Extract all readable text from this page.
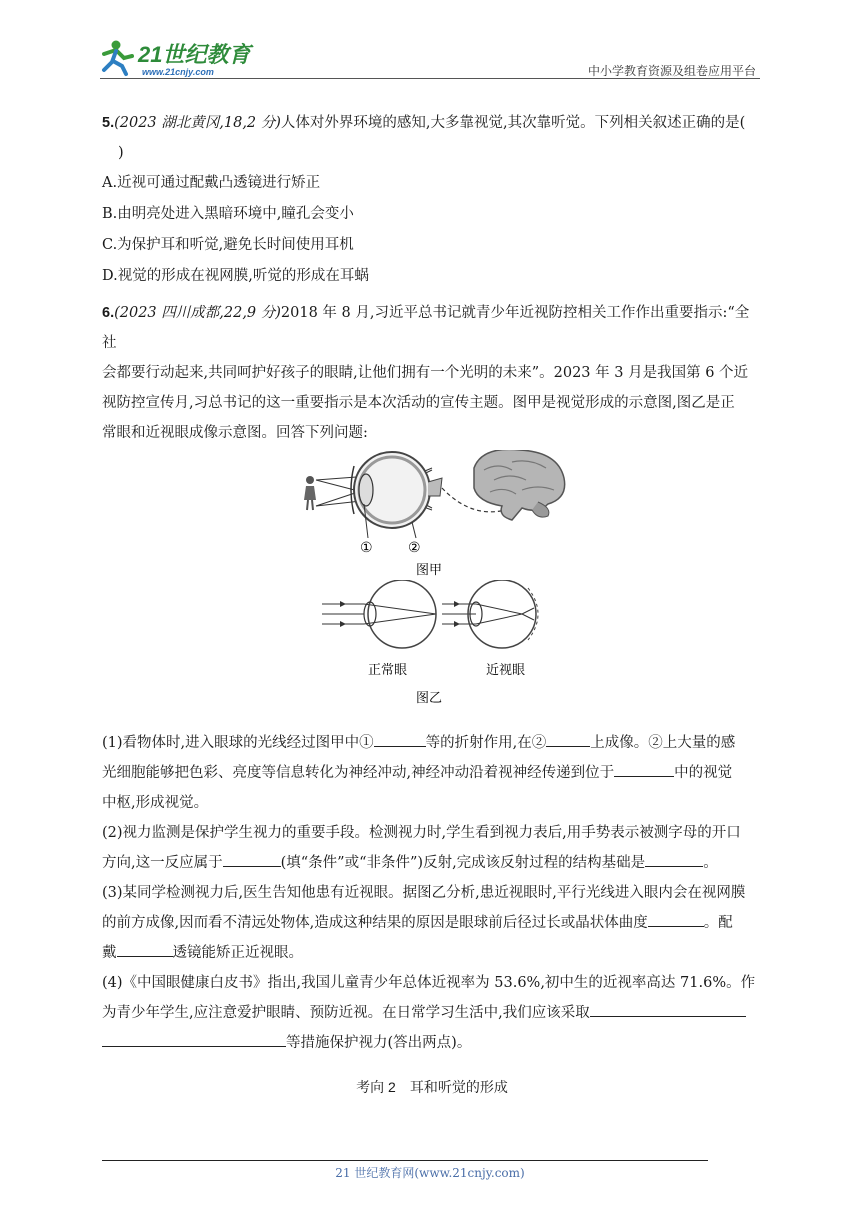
21世纪教育
www.21cnjy.com	中小学教育资源及组卷应用平台

5.(2023 湖北黄冈,18,2 分)人体对外界环境的感知,大多靠视觉,其次靠听觉。下列相关叙述正确的是(

)

A.近视可通过配戴凸透镜进行矫正

B.由明亮处进入黑暗环境中,瞳孔会变小

C.为保护耳和听觉,避免长时间使用耳机

D.视觉的形成在视网膜,听觉的形成在耳蜗

6.(2023 四川成都,22,9 分)2018 年 8 月,习近平总书记就青少年近视防控相关工作作出重要指示:“全社

会都要行动起来,共同呵护好孩子的眼睛,让他们拥有一个光明的未来”。2023 年 3 月是我国第 6 个近

视防控宣传月,习总书记的这一重要指示是本次活动的宣传主题。图甲是视觉形成的示意图,图乙是正

常眼和近视眼成像示意图。回答下列问题:

①	②
图甲
正常眼	近视眼
图乙

(1)看物体时,进入眼球的光线经过图甲中①	等的折射作用,在②	上成像。②上大量的感

光细胞能够把色彩、亮度等信息转化为神经冲动,神经冲动沿着视神经传递到位于	中的视觉

中枢,形成视觉。

(2)视力监测是保护学生视力的重要手段。检测视力时,学生看到视力表后,用手势表示被测字母的开口

方向,这一反应属于	(填“条件”或“非条件”)反射,完成该反射过程的结构基础是	。

(3)某同学检测视力后,医生告知他患有近视眼。据图乙分析,患近视眼时,平行光线进入眼内会在视网膜

的前方成像,因而看不清远处物体,造成这种结果的原因是眼球前后径过长或晶状体曲度	。配

戴	透镜能矫正近视眼。

(4)《中国眼健康白皮书》指出,我国儿童青少年总体近视率为 53.6%,初中生的近视率高达 71.6%。作

为青少年学生,应注意爱护眼睛、预防近视。在日常学习生活中,我们应该采取

等措施保护视力(答出两点)。

考向 2　耳和听觉的形成
21 世纪教育网(www.21cnjy.com)
